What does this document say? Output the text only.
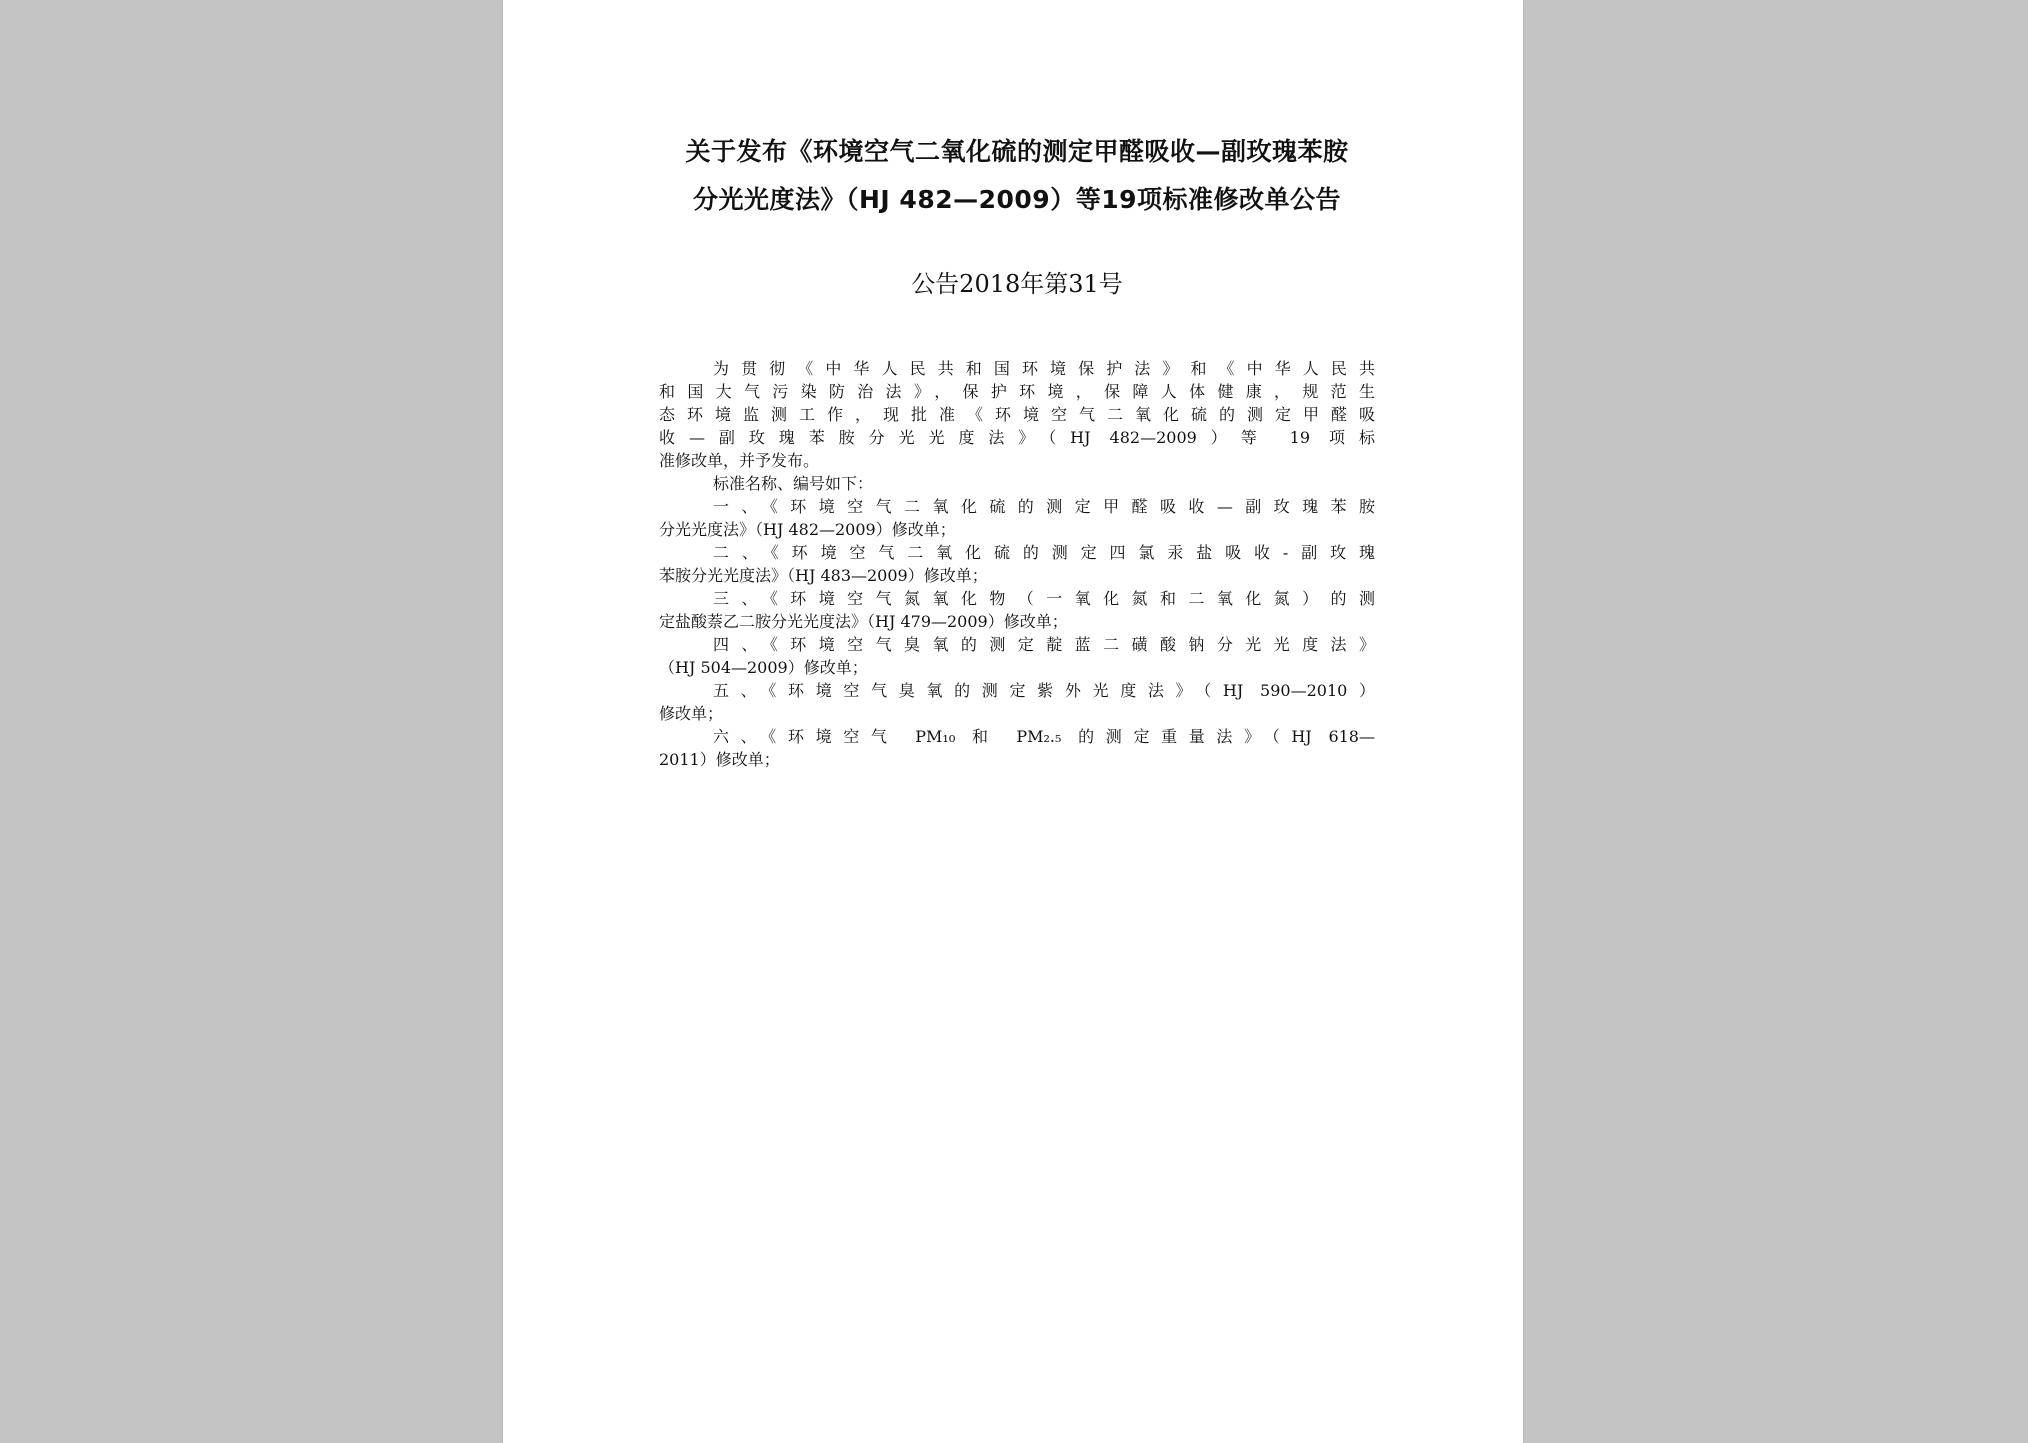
关于发布《环境空气二氧化硫的测定甲醛吸收—副玫瑰苯胺
分光光度法》（HJ 482—2009）等19项标准修改单公告
公告2018年第31号
为贯彻《中华人民共和国环境保护法》和《中华人民共
和国大气污染防治法》，保护环境，保障人体健康，规范生
态环境监测工作，现批准《环境空气二氧化硫的测定甲醛吸
收—副玫瑰苯胺分光光度法》（HJ 482—2009）等 19 项标
准修改单，并予发布。
标准名称、编号如下：
一、《环境空气二氧化硫的测定甲醛吸收—副玫瑰苯胺
分光光度法》（HJ 482—2009）修改单；
二、《环境空气二氧化硫的测定四氯汞盐吸收-副玫瑰
苯胺分光光度法》（HJ 483—2009）修改单；
三、《环境空气氮氧化物（一氧化氮和二氧化氮）的测
定盐酸萘乙二胺分光光度法》（HJ 479—2009）修改单；
四、《环境空气臭氧的测定靛蓝二磺酸钠分光光度法》
（HJ 504—2009）修改单；
五、《环境空气臭氧的测定紫外光度法》（HJ 590—2010）
修改单；
六、《环境空气 PM₁₀ 和 PM₂.₅ 的测定重量法》（HJ 618—
2011）修改单；
